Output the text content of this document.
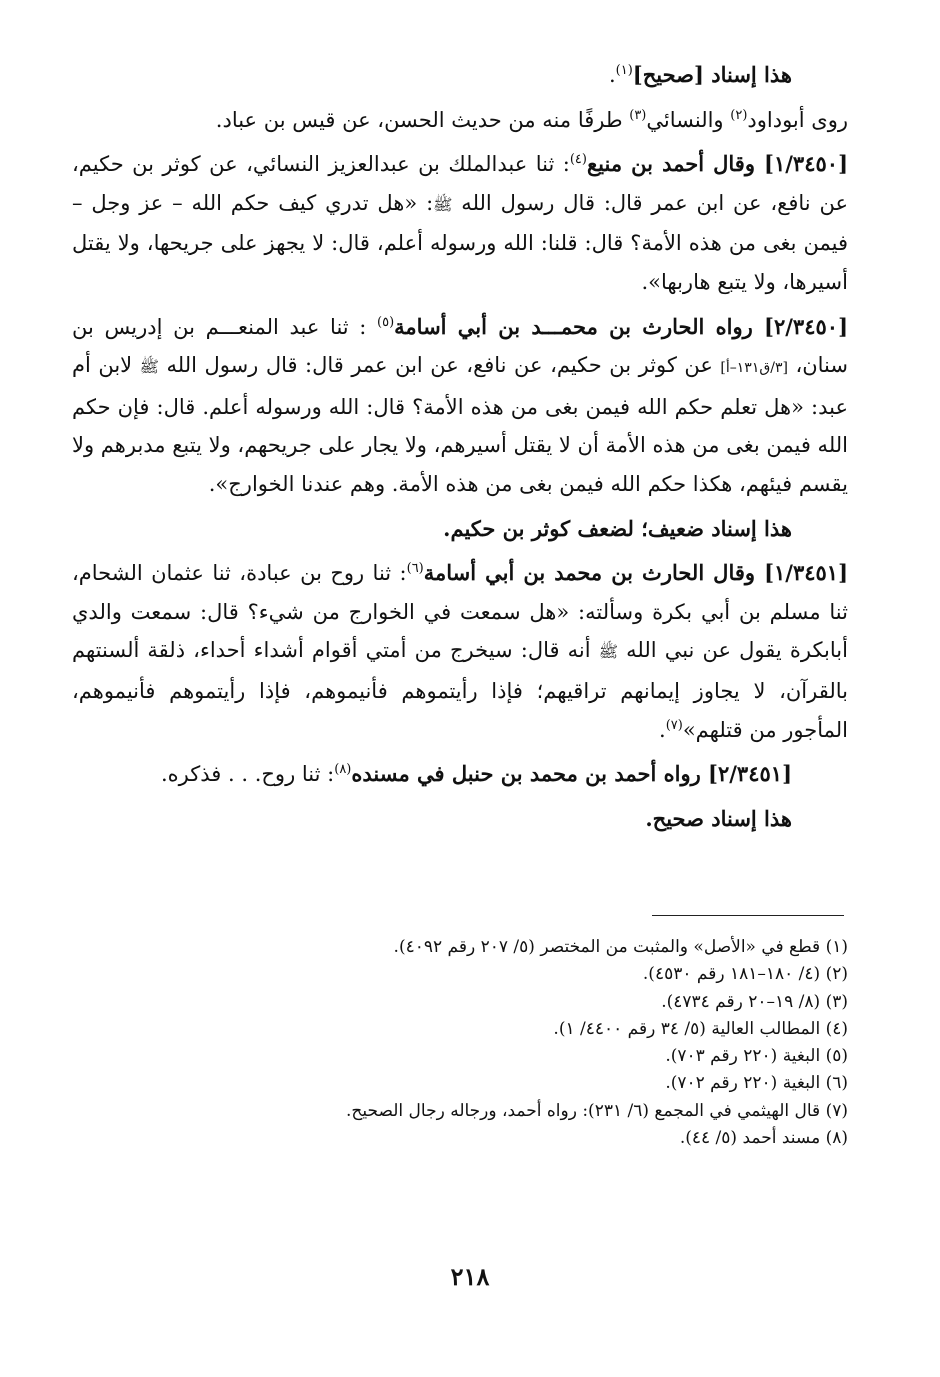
هذا إسناد [صحيح]$^{(١)}$.

روى أبوداود$^{(٢)}$ والنسائي$^{(٣)}$ طرفًا منه من حديث الحسن، عن قيس بن عباد.

[١/٣٤٥٠] وقال أحمد بن منيع$^{(٤)}$: ثنا عبدالملك بن عبدالعزيز النسائي، عن كوثر بن حكيم، عن نافع، عن ابن عمر قال: قال رسول الله ﷺ: «هل تدري كيف حكم الله – عز وجل – فيمن بغى من هذه الأمة؟ قال: قلنا: الله ورسوله أعلم، قال: لا يجهز على جريحها، ولا يقتل أسيرها، ولا يتبع هاربها».

[٢/٣٤٥٠] رواه الحارث بن محمـــد بن أبي أسامة$^{(٥)}$ : ثنا عبد المنعـــم بن إدريس بن سنان، [٣/ق١٣١–أ] عن كوثر بن حكيم، عن نافع، عن ابن عمر قال: قال رسول الله ﷺ لابن أم عبد: «هل تعلم حكم الله فيمن بغى من هذه الأمة؟ قال: الله ورسوله أعلم. قال: فإن حكم الله فيمن بغى من هذه الأمة أن لا يقتل أسيرهم، ولا يجار على جريحهم، ولا يتبع مدبرهم ولا يقسم فيئهم، هكذا حكم الله فيمن بغى من هذه الأمة. وهم عندنا الخوارج».

هذا إسناد ضعيف؛ لضعف كوثر بن حكيم.

[١/٣٤٥١] وقال الحارث بن محمد بن أبي أسامة$^{(٦)}$: ثنا روح بن عبادة، ثنا عثمان الشحام، ثنا مسلم بن أبي بكرة وسألته: «هل سمعت في الخوارج من شيء؟ قال: سمعت والدي أبابكرة يقول عن نبي الله ﷺ أنه قال: سيخرج من أمتي أقوام أشداء أحداء، ذلقة ألسنتهم بالقرآن، لا يجاوز إيمانهم تراقيهم؛ فإذا رأيتموهم فأنيموهم، فإذا رأيتموهم فأنيموهم، المأجور من قتلهم»$^{(٧)}$.

[٢/٣٤٥١] رواه أحمد بن محمد بن حنبل في مسنده$^{(٨)}$: ثنا روح. . . فذكره.

هذا إسناد صحيح.

(١) قطع في «الأصل» والمثبت من المختصر (٥/ ٢٠٧ رقم ٤٠٩٢).

(٢) (٤/ ١٨٠–١٨١ رقم ٤٥٣٠).

(٣) (٨/ ١٩–٢٠ رقم ٤٧٣٤).

(٤) المطالب العالية (٥/ ٣٤ رقم ٤٤٠٠/ ١).

(٥) البغية (٢٢٠ رقم ٧٠٣).

(٦) البغية (٢٢٠ رقم ٧٠٢).

(٧) قال الهيثمي في المجمع (٦/ ٢٣١): رواه أحمد، ورجاله رجال الصحيح.

(٨) مسند أحمد (٥/ ٤٤).

٢١٨
